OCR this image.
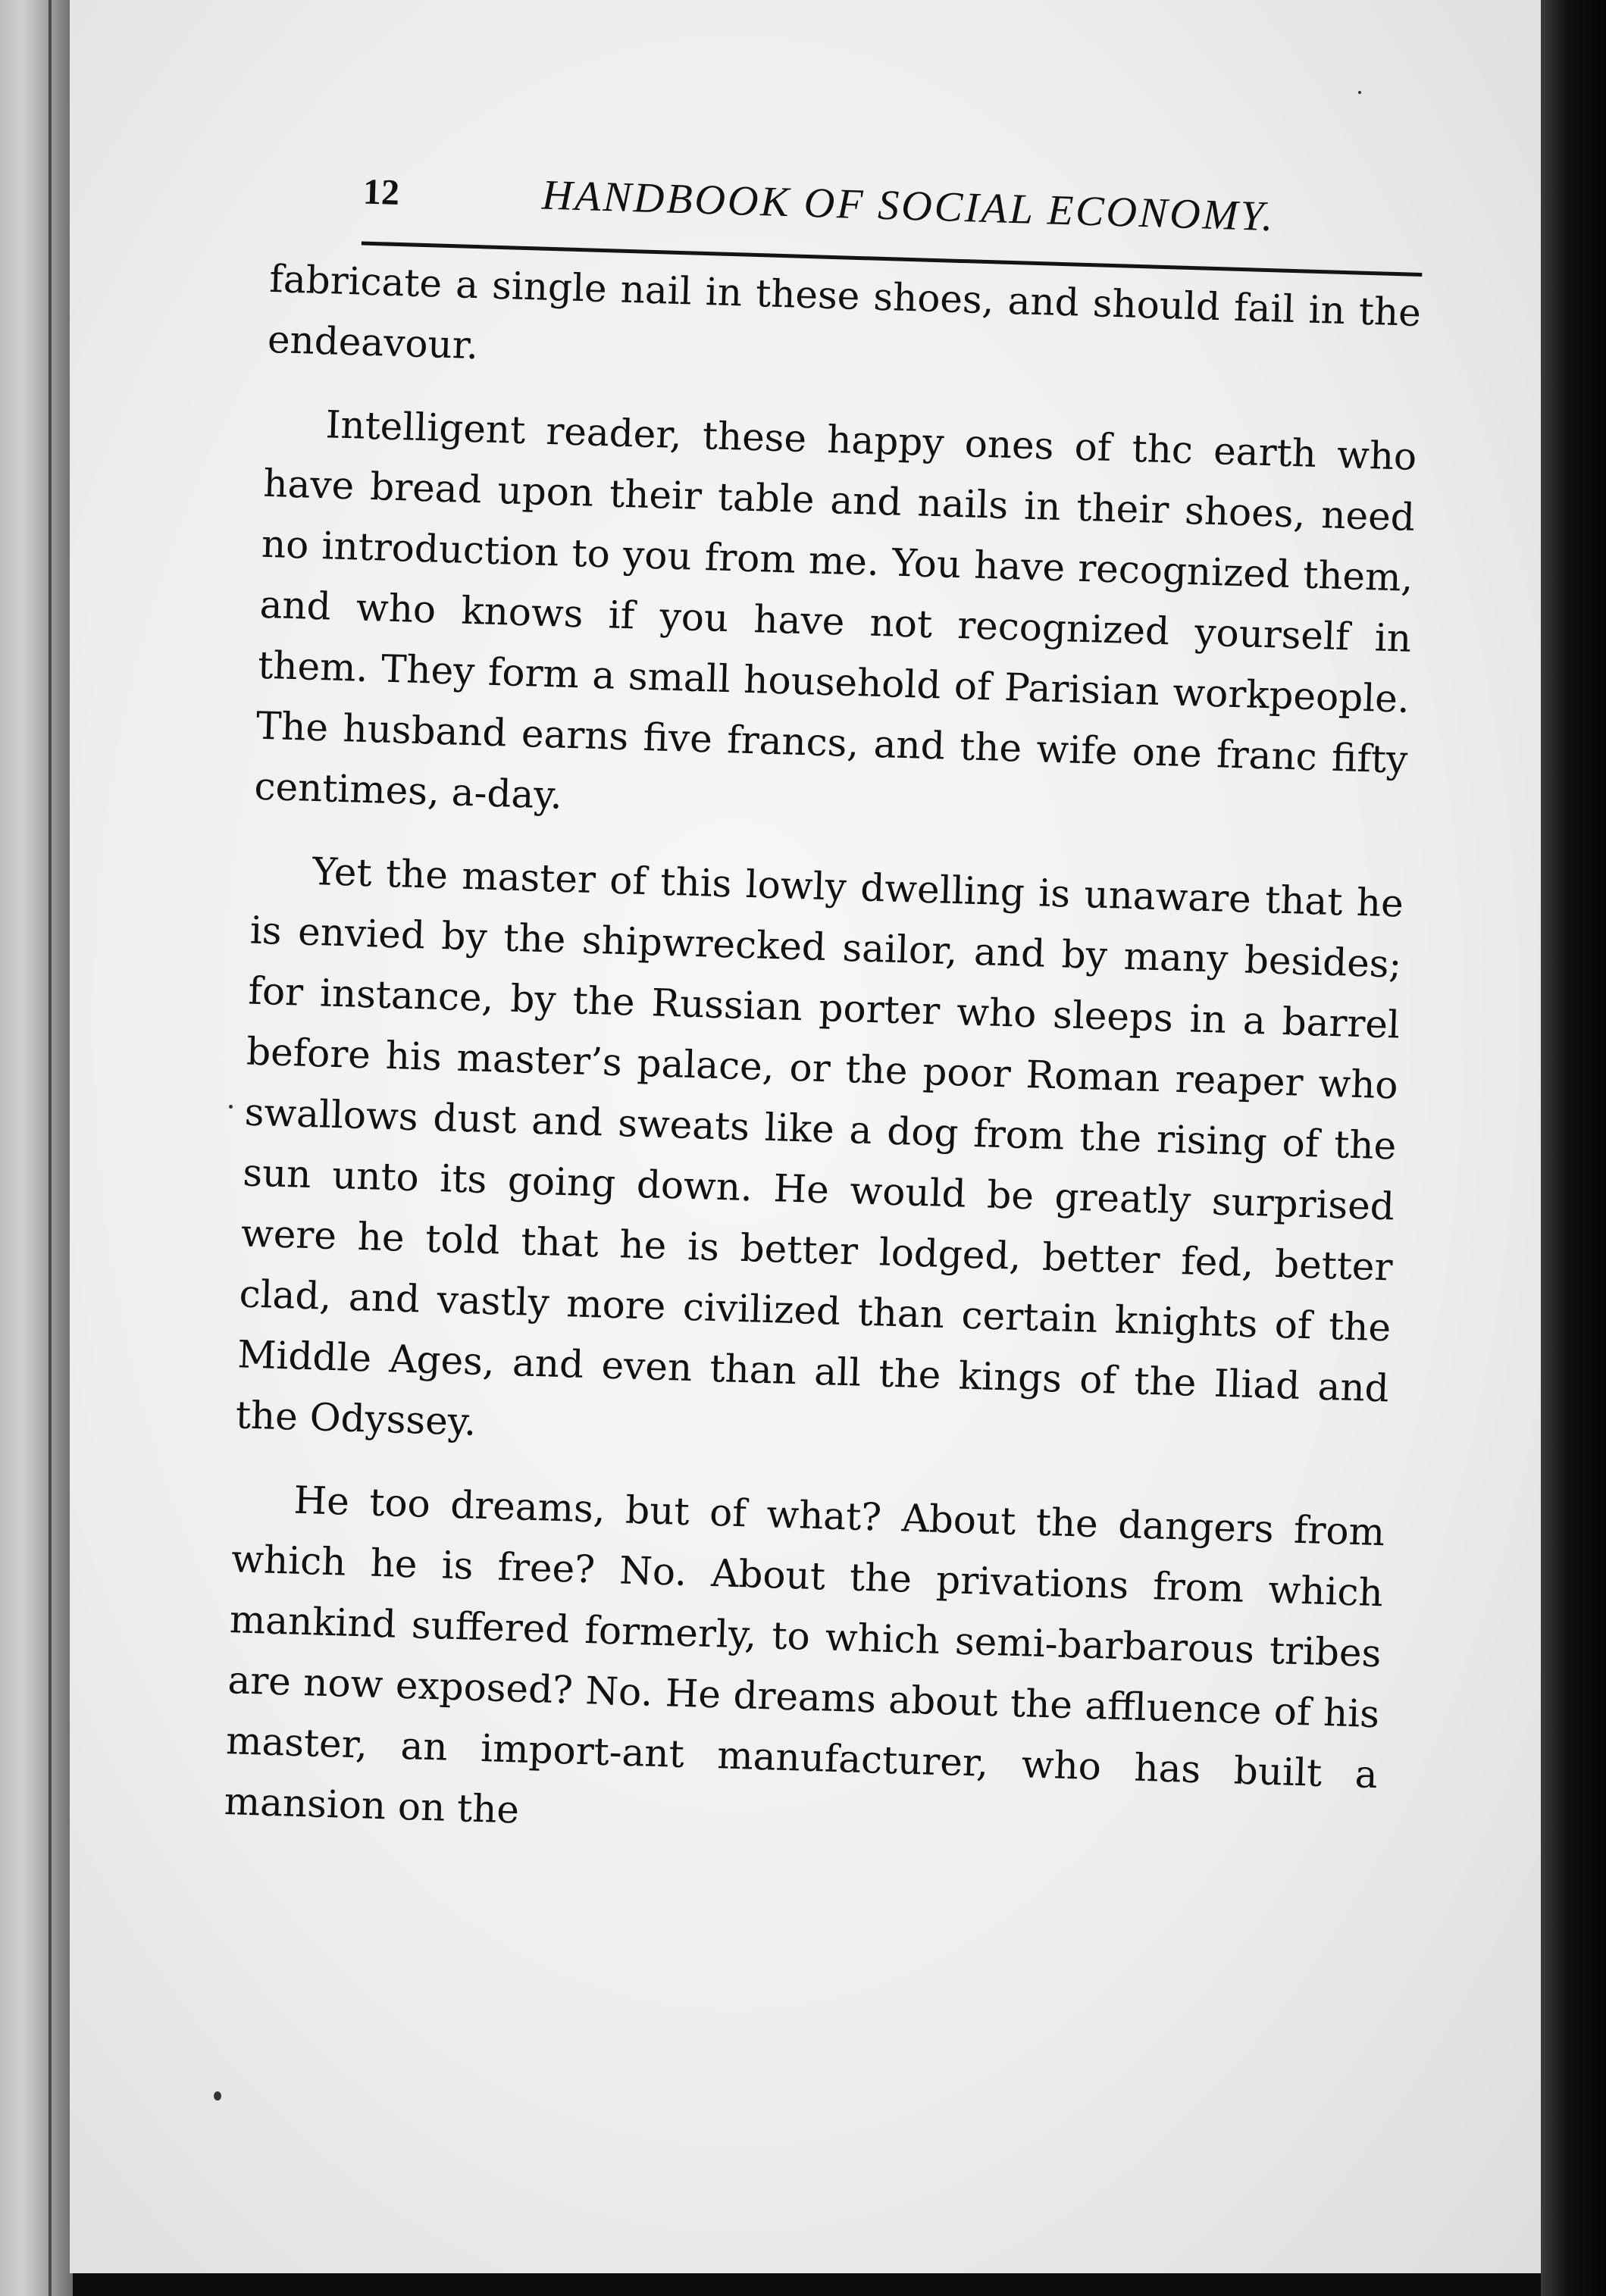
12	HANDBOOK OF SOCIAL ECONOMY.

fabricate a single nail in these shoes, and should fail in the endeavour.

Intelligent reader, these happy ones of thc earth who have bread upon their table and nails in their shoes, need no introduction to you from me. You have recognized them, and who knows if you have not recognized yourself in them. They form a small household of Parisian workpeople. The husband earns five francs, and the wife one franc fifty centimes, a-day.

Yet the master of this lowly dwelling is unaware that he is envied by the shipwrecked sailor, and by many besides; for instance, by the Russian porter who sleeps in a barrel before his master’s palace, or the poor Roman reaper who swallows dust and sweats like a dog from the rising of the sun unto its going down. He would be greatly surprised were he told that he is better lodged, better fed, better clad, and vastly more civilized than certain knights of the Middle Ages, and even than all the kings of the Iliad and the Odyssey.

He too dreams, but of what? About the dangers from which he is free? No. About the privations from which mankind suffered formerly, to which semi-barbarous tribes are now exposed? No. He dreams about the affluence of his master, an import-ant manufacturer, who has built a mansion on the
